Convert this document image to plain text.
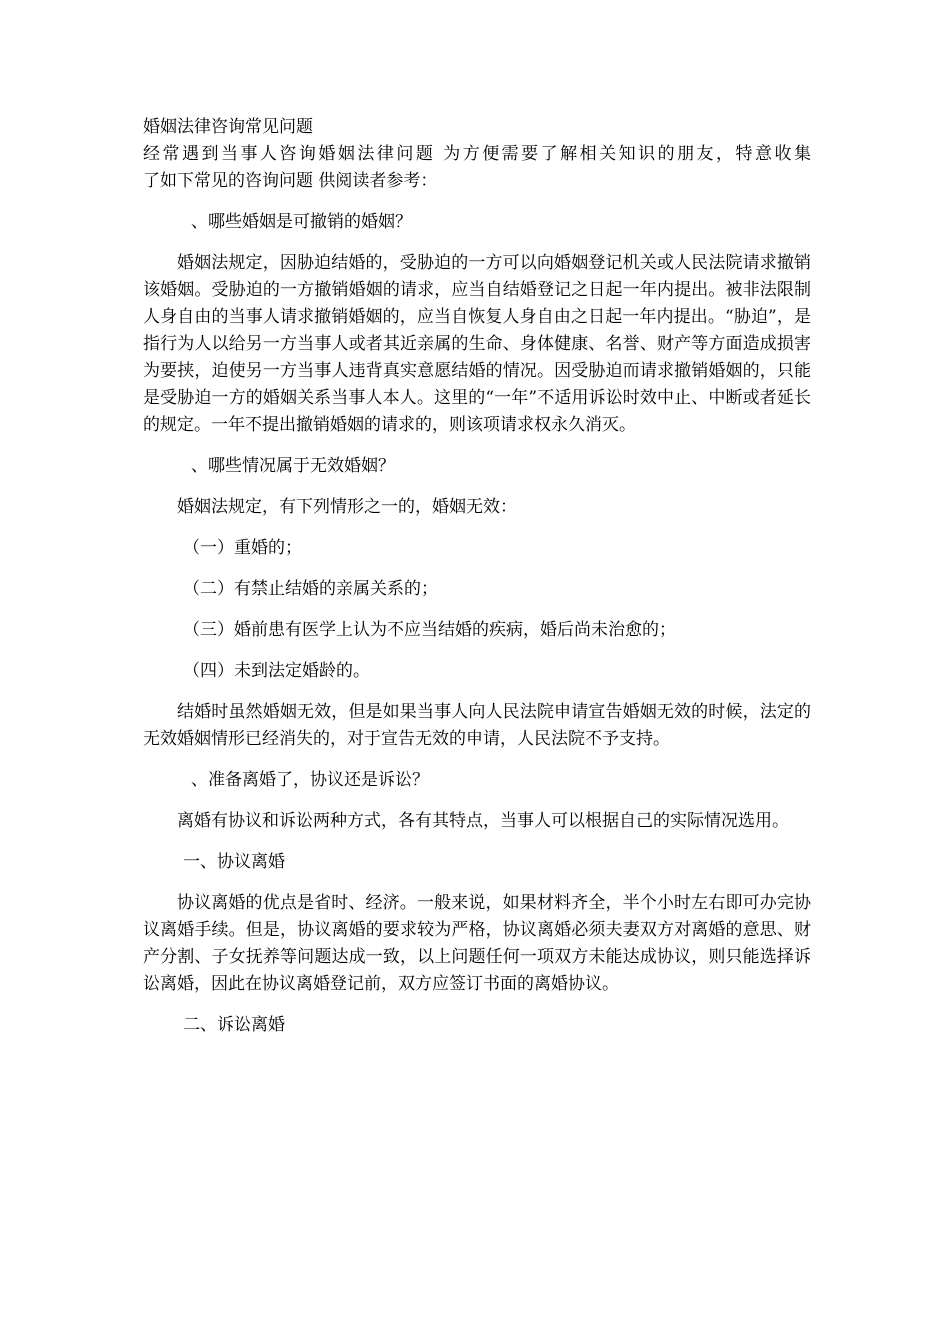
婚姻法律咨询常见问题

经常遇到当事人咨询婚姻法律问题 为方便需要了解相关知识的朋友，特意收集

了如下常见的咨询问题 供阅读者参考：

、哪些婚姻是可撤销的婚姻？

婚姻法规定，因胁迫结婚的，受胁迫的一方可以向婚姻登记机关或人民法院请求撤销该婚姻。受胁迫的一方撤销婚姻的请求，应当自结婚登记之日起一年内提出。被非法限制人身自由的当事人请求撤销婚姻的，应当自恢复人身自由之日起一年内提出。“胁迫”，是指行为人以给另一方当事人或者其近亲属的生命、身体健康、名誉、财产等方面造成损害为要挟，迫使另一方当事人违背真实意愿结婚的情况。因受胁迫而请求撤销婚姻的，只能是受胁迫一方的婚姻关系当事人本人。这里的“一年”不适用诉讼时效中止、中断或者延长的规定。一年不提出撤销婚姻的请求的，则该项请求权永久消灭。

、哪些情况属于无效婚姻？

婚姻法规定，有下列情形之一的，婚姻无效：

（一）重婚的；

（二）有禁止结婚的亲属关系的；

（三）婚前患有医学上认为不应当结婚的疾病，婚后尚未治愈的；

（四）未到法定婚龄的。

结婚时虽然婚姻无效，但是如果当事人向人民法院申请宣告婚姻无效的时候，法定的无效婚姻情形已经消失的，对于宣告无效的申请，人民法院不予支持。

、准备离婚了，协议还是诉讼？

离婚有协议和诉讼两种方式，各有其特点，当事人可以根据自己的实际情况选用。

一、协议离婚

协议离婚的优点是省时、经济。一般来说，如果材料齐全，半个小时左右即可办完协议离婚手续。但是，协议离婚的要求较为严格，协议离婚必须夫妻双方对离婚的意思、财产分割、子女抚养等问题达成一致，以上问题任何一项双方未能达成协议，则只能选择诉讼离婚，因此在协议离婚登记前，双方应签订书面的离婚协议。

二、诉讼离婚
